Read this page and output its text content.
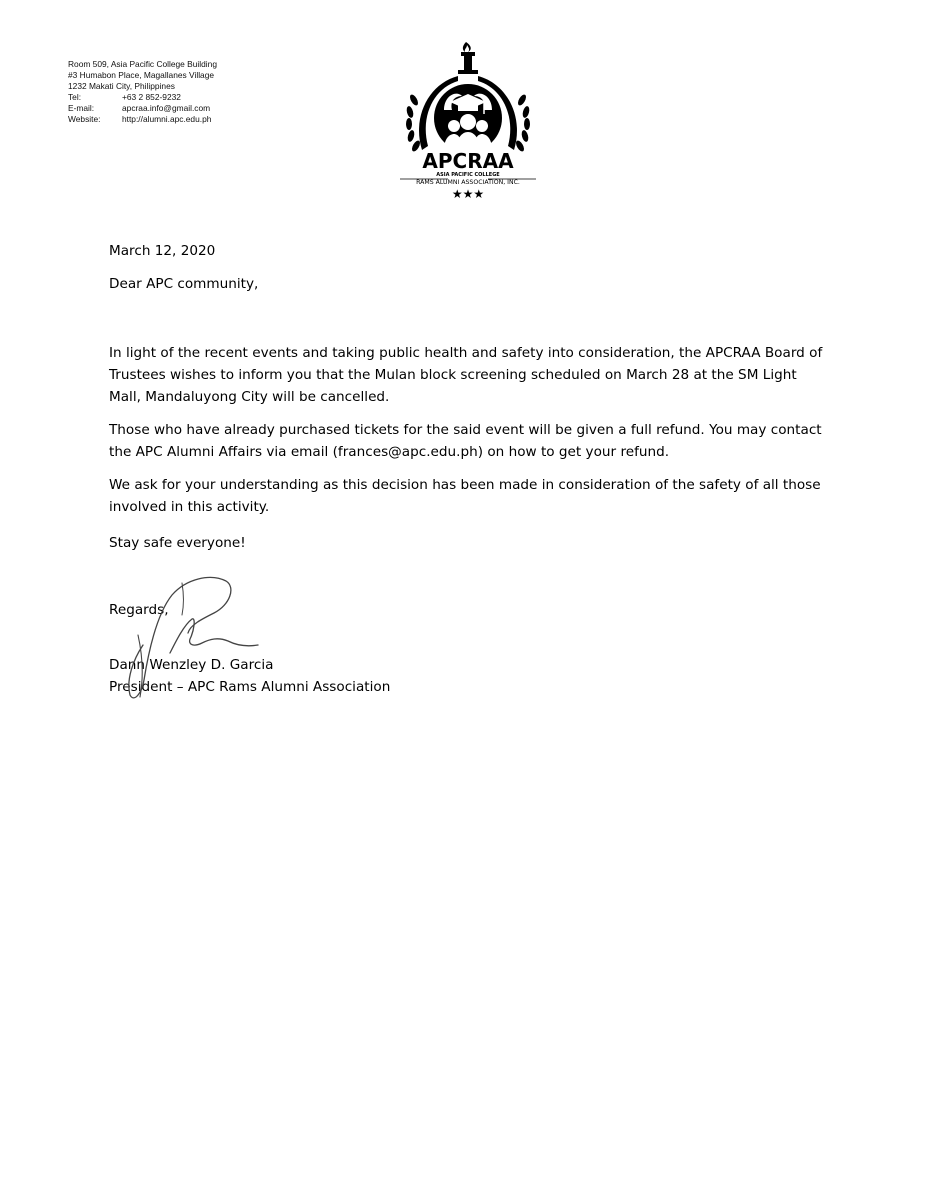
Room 509, Asia Pacific College Building
#3 Humabon Place, Magallanes Village
1232 Makati City, Philippines
Tel:	+63 2 852-9232
E-mail:	apcraa.info@gmail.com
Website:	http://alumni.apc.edu.ph
APCRAA
ASIA PACIFIC COLLEGE
RAMS ALUMNI ASSOCIATION, INC.
★★★

March 12, 2020

Dear APC community,

In light of the recent events and taking public health and safety into consideration, the APCRAA Board of Trustees wishes to inform you that the Mulan block screening scheduled on March 28 at the SM Light Mall, Mandaluyong City will be cancelled.

Those who have already purchased tickets for the said event will be given a full refund. You may contact the APC Alumni Affairs via email (frances@apc.edu.ph) on how to get your refund.

We ask for your understanding as this decision has been made in consideration of the safety of all those involved in this activity.

Stay safe everyone!

Regards,

Dann Wenzley D. Garcia

President – APC Rams Alumni Association
